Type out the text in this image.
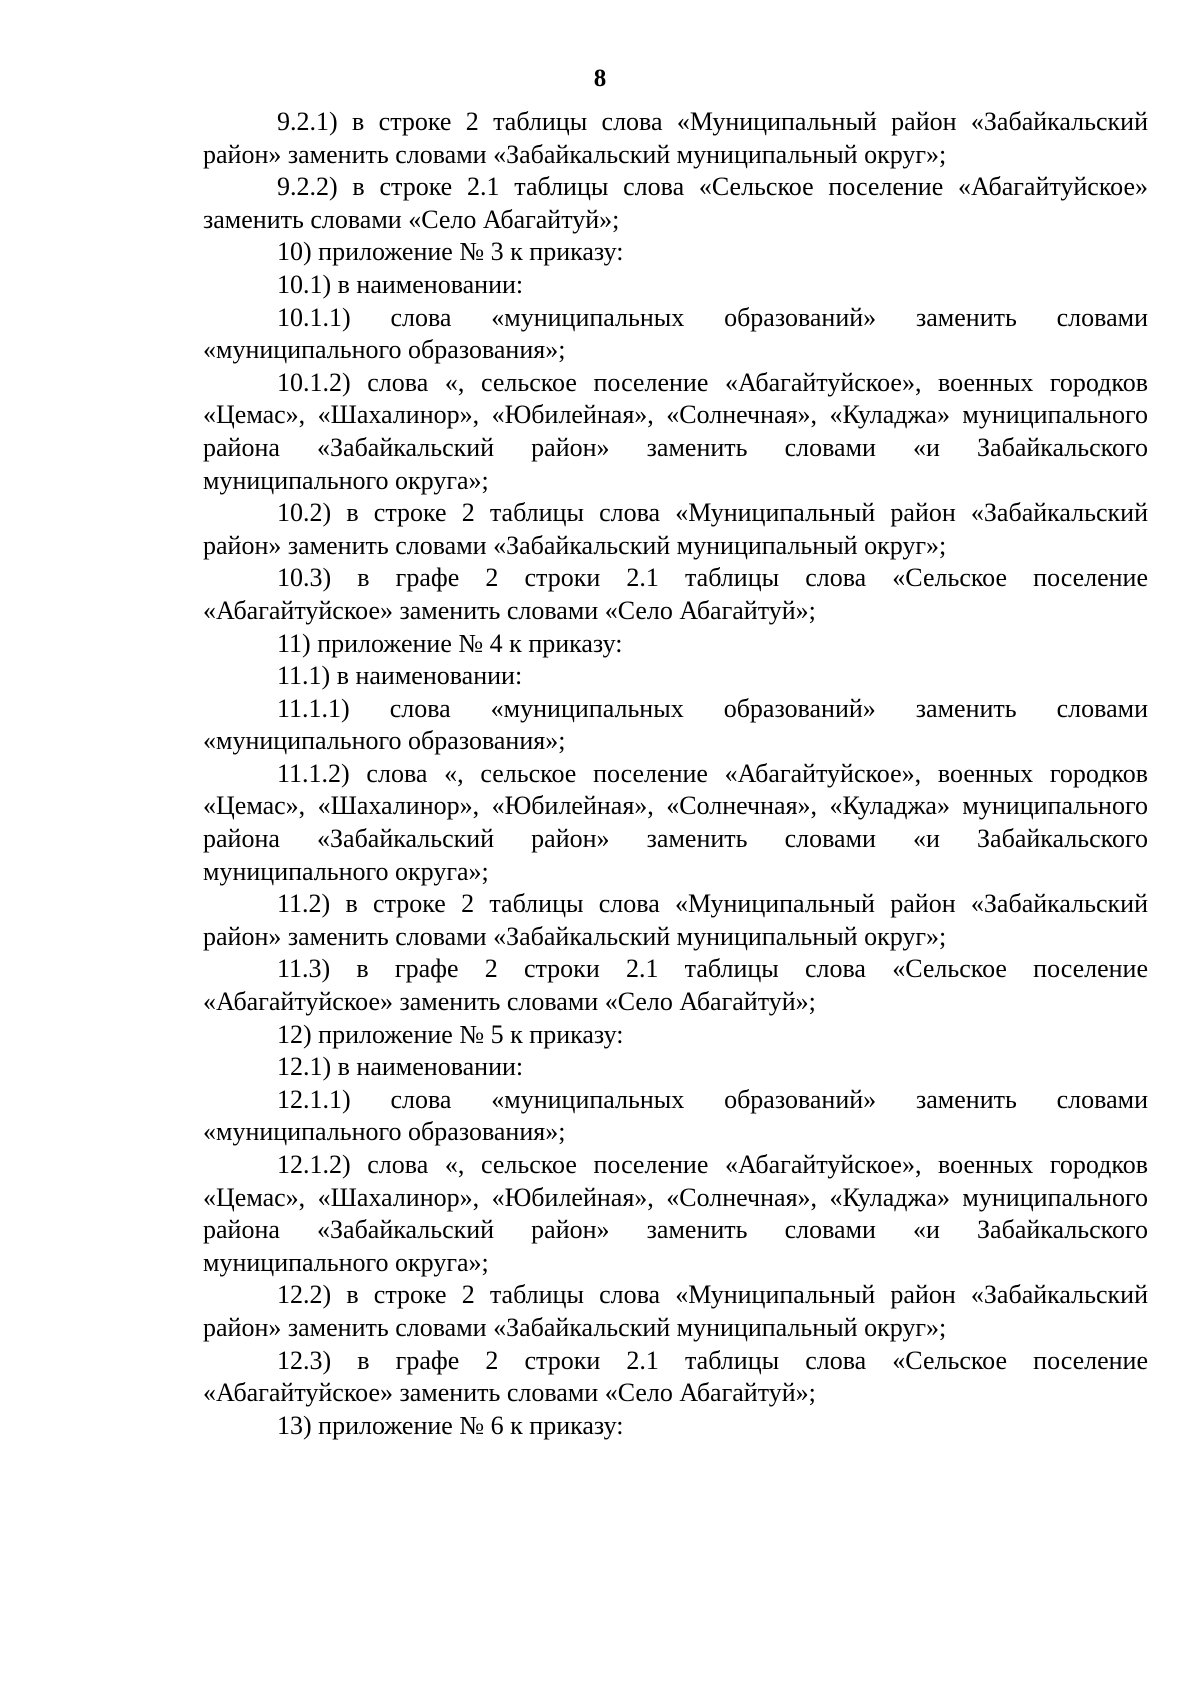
8

9.2.1) в строке 2 таблицы слова «Муниципальный район «Забайкальский район» заменить словами «Забайкальский муниципальный округ»;

9.2.2) в строке 2.1 таблицы слова «Сельское поселение «Абагайтуйское» заменить словами «Село Абагайтуй»;

10) приложение № 3 к приказу:

10.1) в наименовании:

10.1.1) слова «муниципальных образований» заменить словами «муниципального образования»;

10.1.2) слова «, сельское поселение «Абагайтуйское», военных городков «Цемас», «Шахалинор», «Юбилейная», «Солнечная», «Куладжа» муниципального района «Забайкальский район» заменить словами «и Забайкальского муниципального округа»;

10.2) в строке 2 таблицы слова «Муниципальный район «Забайкальский район» заменить словами «Забайкальский муниципальный округ»;

10.3) в графе 2 строки 2.1 таблицы слова «Сельское поселение «Абагайтуйское» заменить словами «Село Абагайтуй»;

11) приложение № 4 к приказу:

11.1) в наименовании:

11.1.1) слова «муниципальных образований» заменить словами «муниципального образования»;

11.1.2) слова «, сельское поселение «Абагайтуйское», военных городков «Цемас», «Шахалинор», «Юбилейная», «Солнечная», «Куладжа» муниципального района «Забайкальский район» заменить словами «и Забайкальского муниципального округа»;

11.2) в строке 2 таблицы слова «Муниципальный район «Забайкальский район» заменить словами «Забайкальский муниципальный округ»;

11.3) в графе 2 строки 2.1 таблицы слова «Сельское поселение «Абагайтуйское» заменить словами «Село Абагайтуй»;

12) приложение № 5 к приказу:

12.1) в наименовании:

12.1.1) слова «муниципальных образований» заменить словами «муниципального образования»;

12.1.2) слова «, сельское поселение «Абагайтуйское», военных городков «Цемас», «Шахалинор», «Юбилейная», «Солнечная», «Куладжа» муниципального района «Забайкальский район» заменить словами «и Забайкальского муниципального округа»;

12.2) в строке 2 таблицы слова «Муниципальный район «Забайкальский район» заменить словами «Забайкальский муниципальный округ»;

12.3) в графе 2 строки 2.1 таблицы слова «Сельское поселение «Абагайтуйское» заменить словами «Село Абагайтуй»;

13) приложение № 6 к приказу:
